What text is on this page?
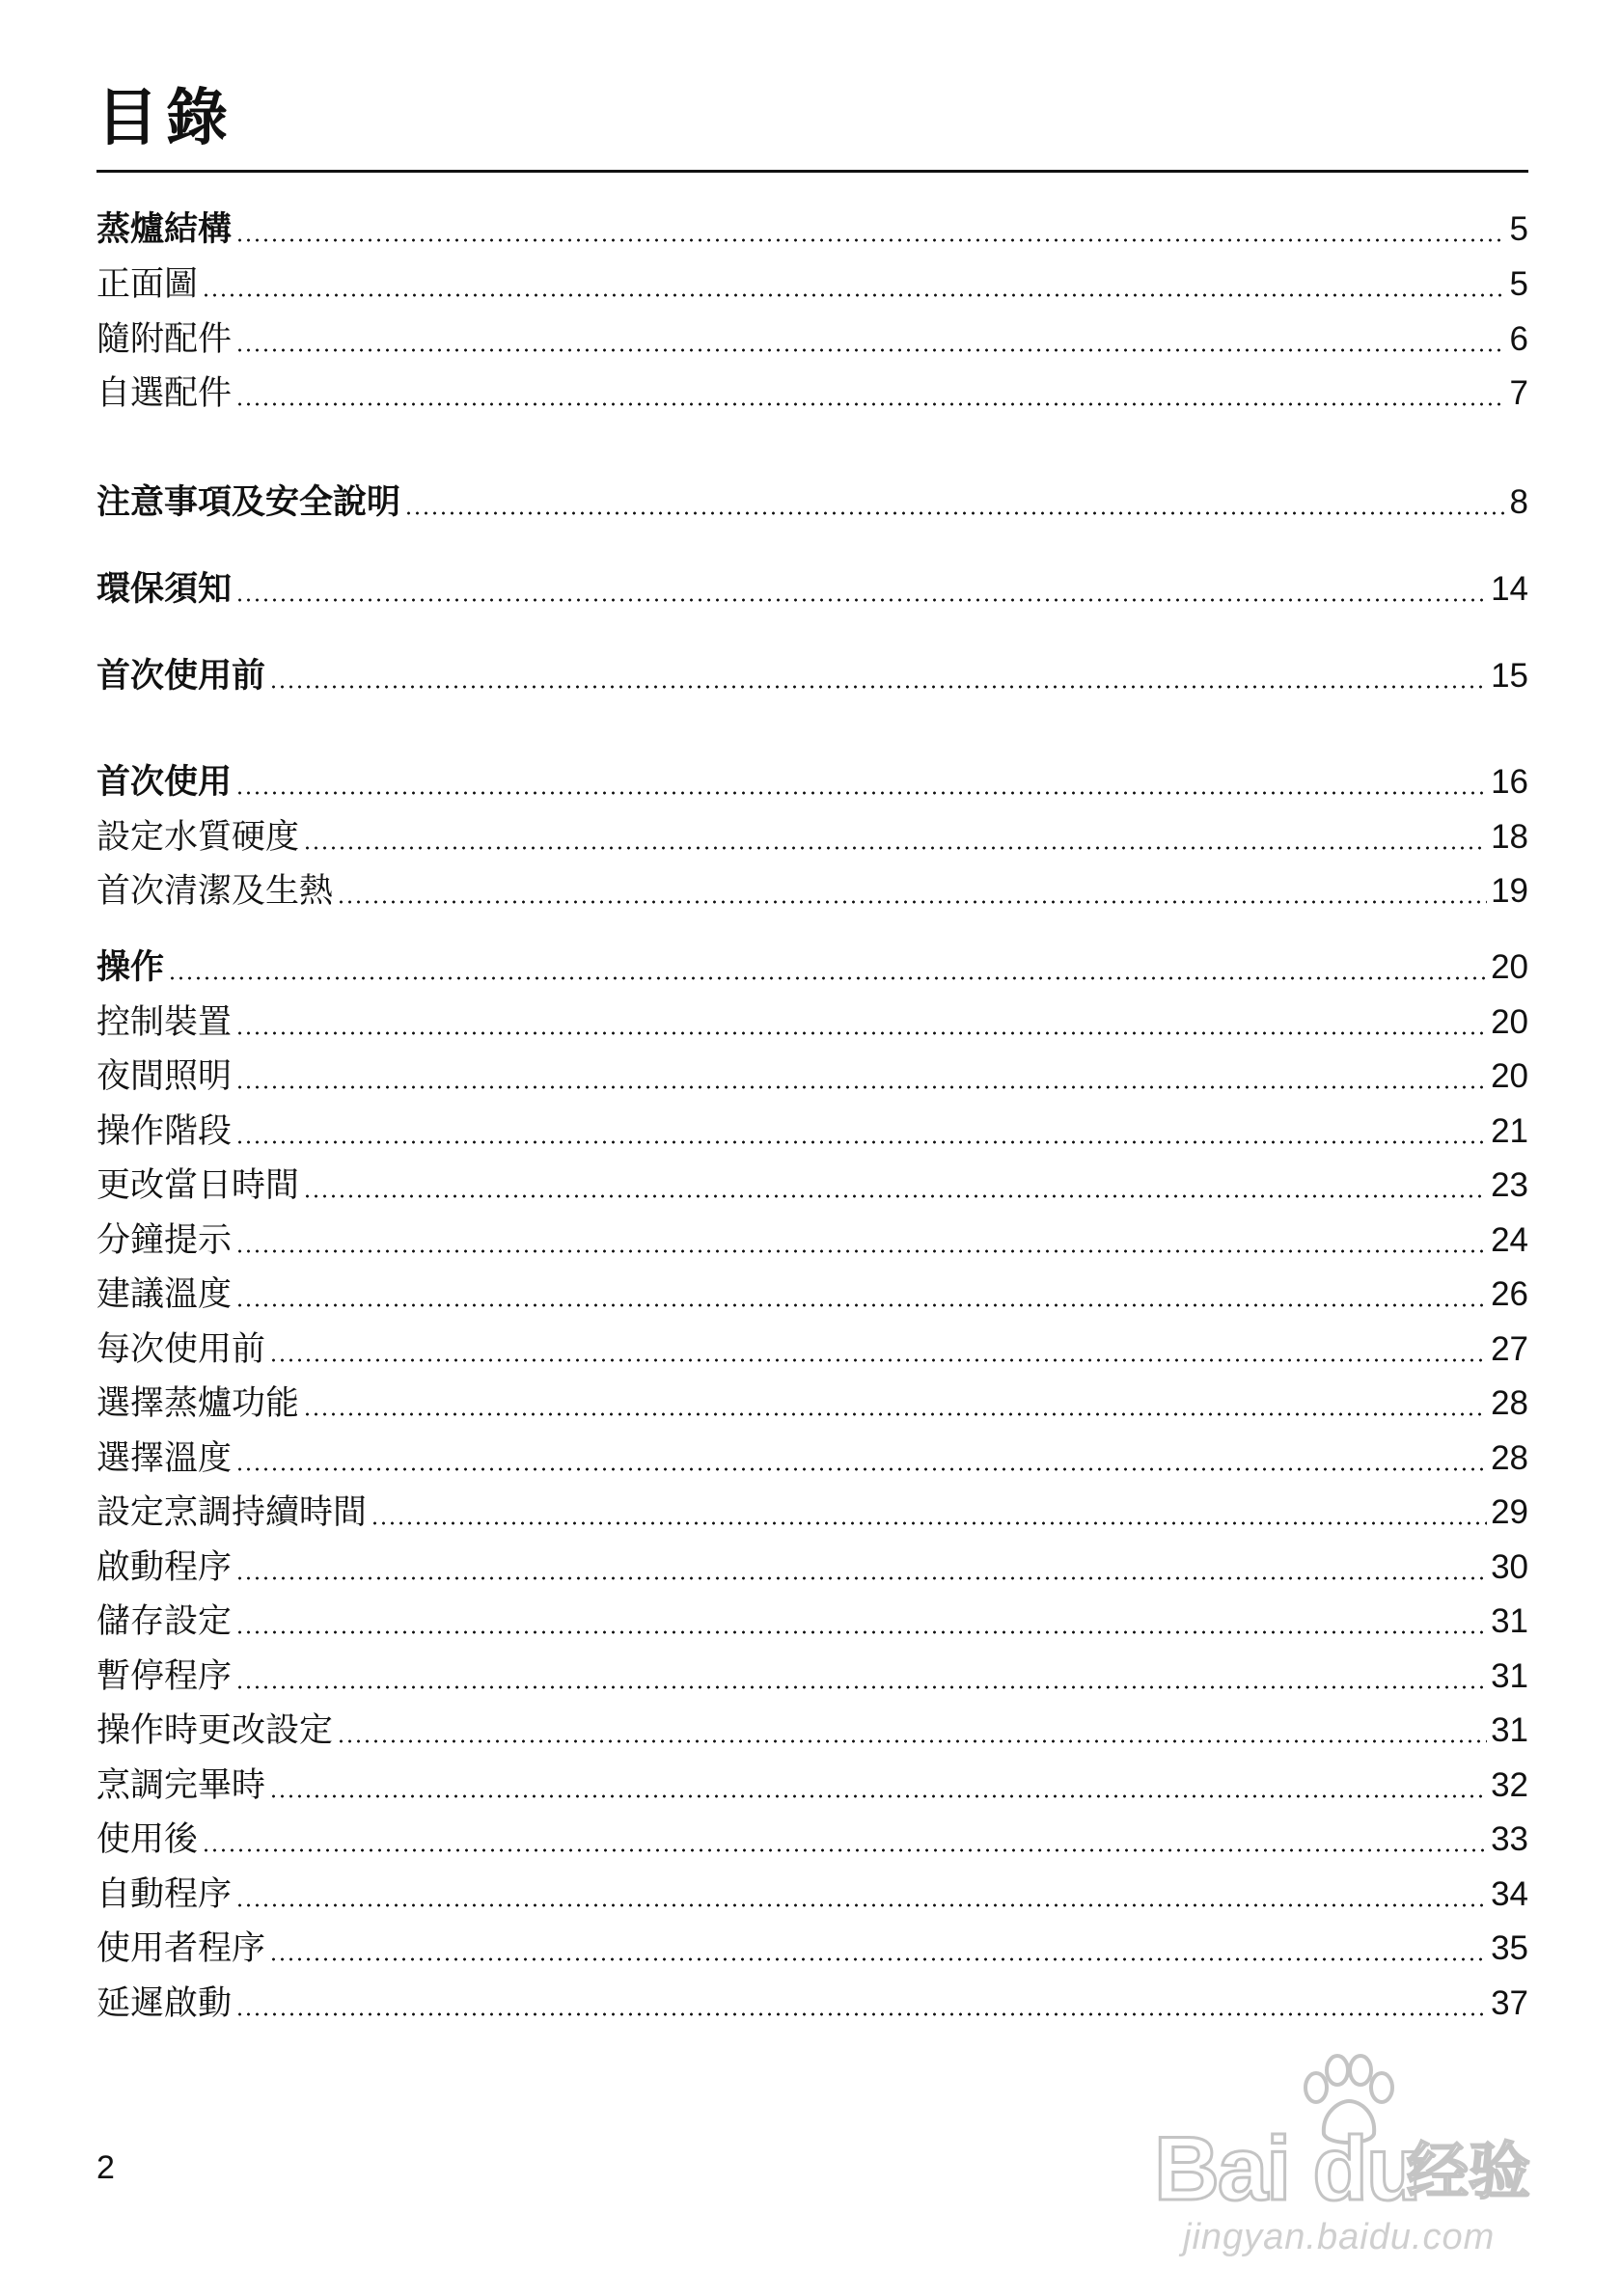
目錄
蒸爐結構	5
正面圖	5
隨附配件	6
自選配件	7
注意事項及安全說明	8
環保須知	14
首次使用前	15
首次使用	16
設定水質硬度	18
首次清潔及生熱	19
操作	20
控制裝置	20
夜間照明	20
操作階段	21
更改當日時間	23
分鐘提示	24
建議溫度	26
每次使用前	27
選擇蒸爐功能	28
選擇溫度	28
設定烹調持續時間	29
啟動程序	30
儲存設定	31
暫停程序	31
操作時更改設定	31
烹調完畢時	32
使用後	33
自動程序	34
使用者程序	35
延遲啟動	37
2	Bai du
经验
jingyan.baidu.com
